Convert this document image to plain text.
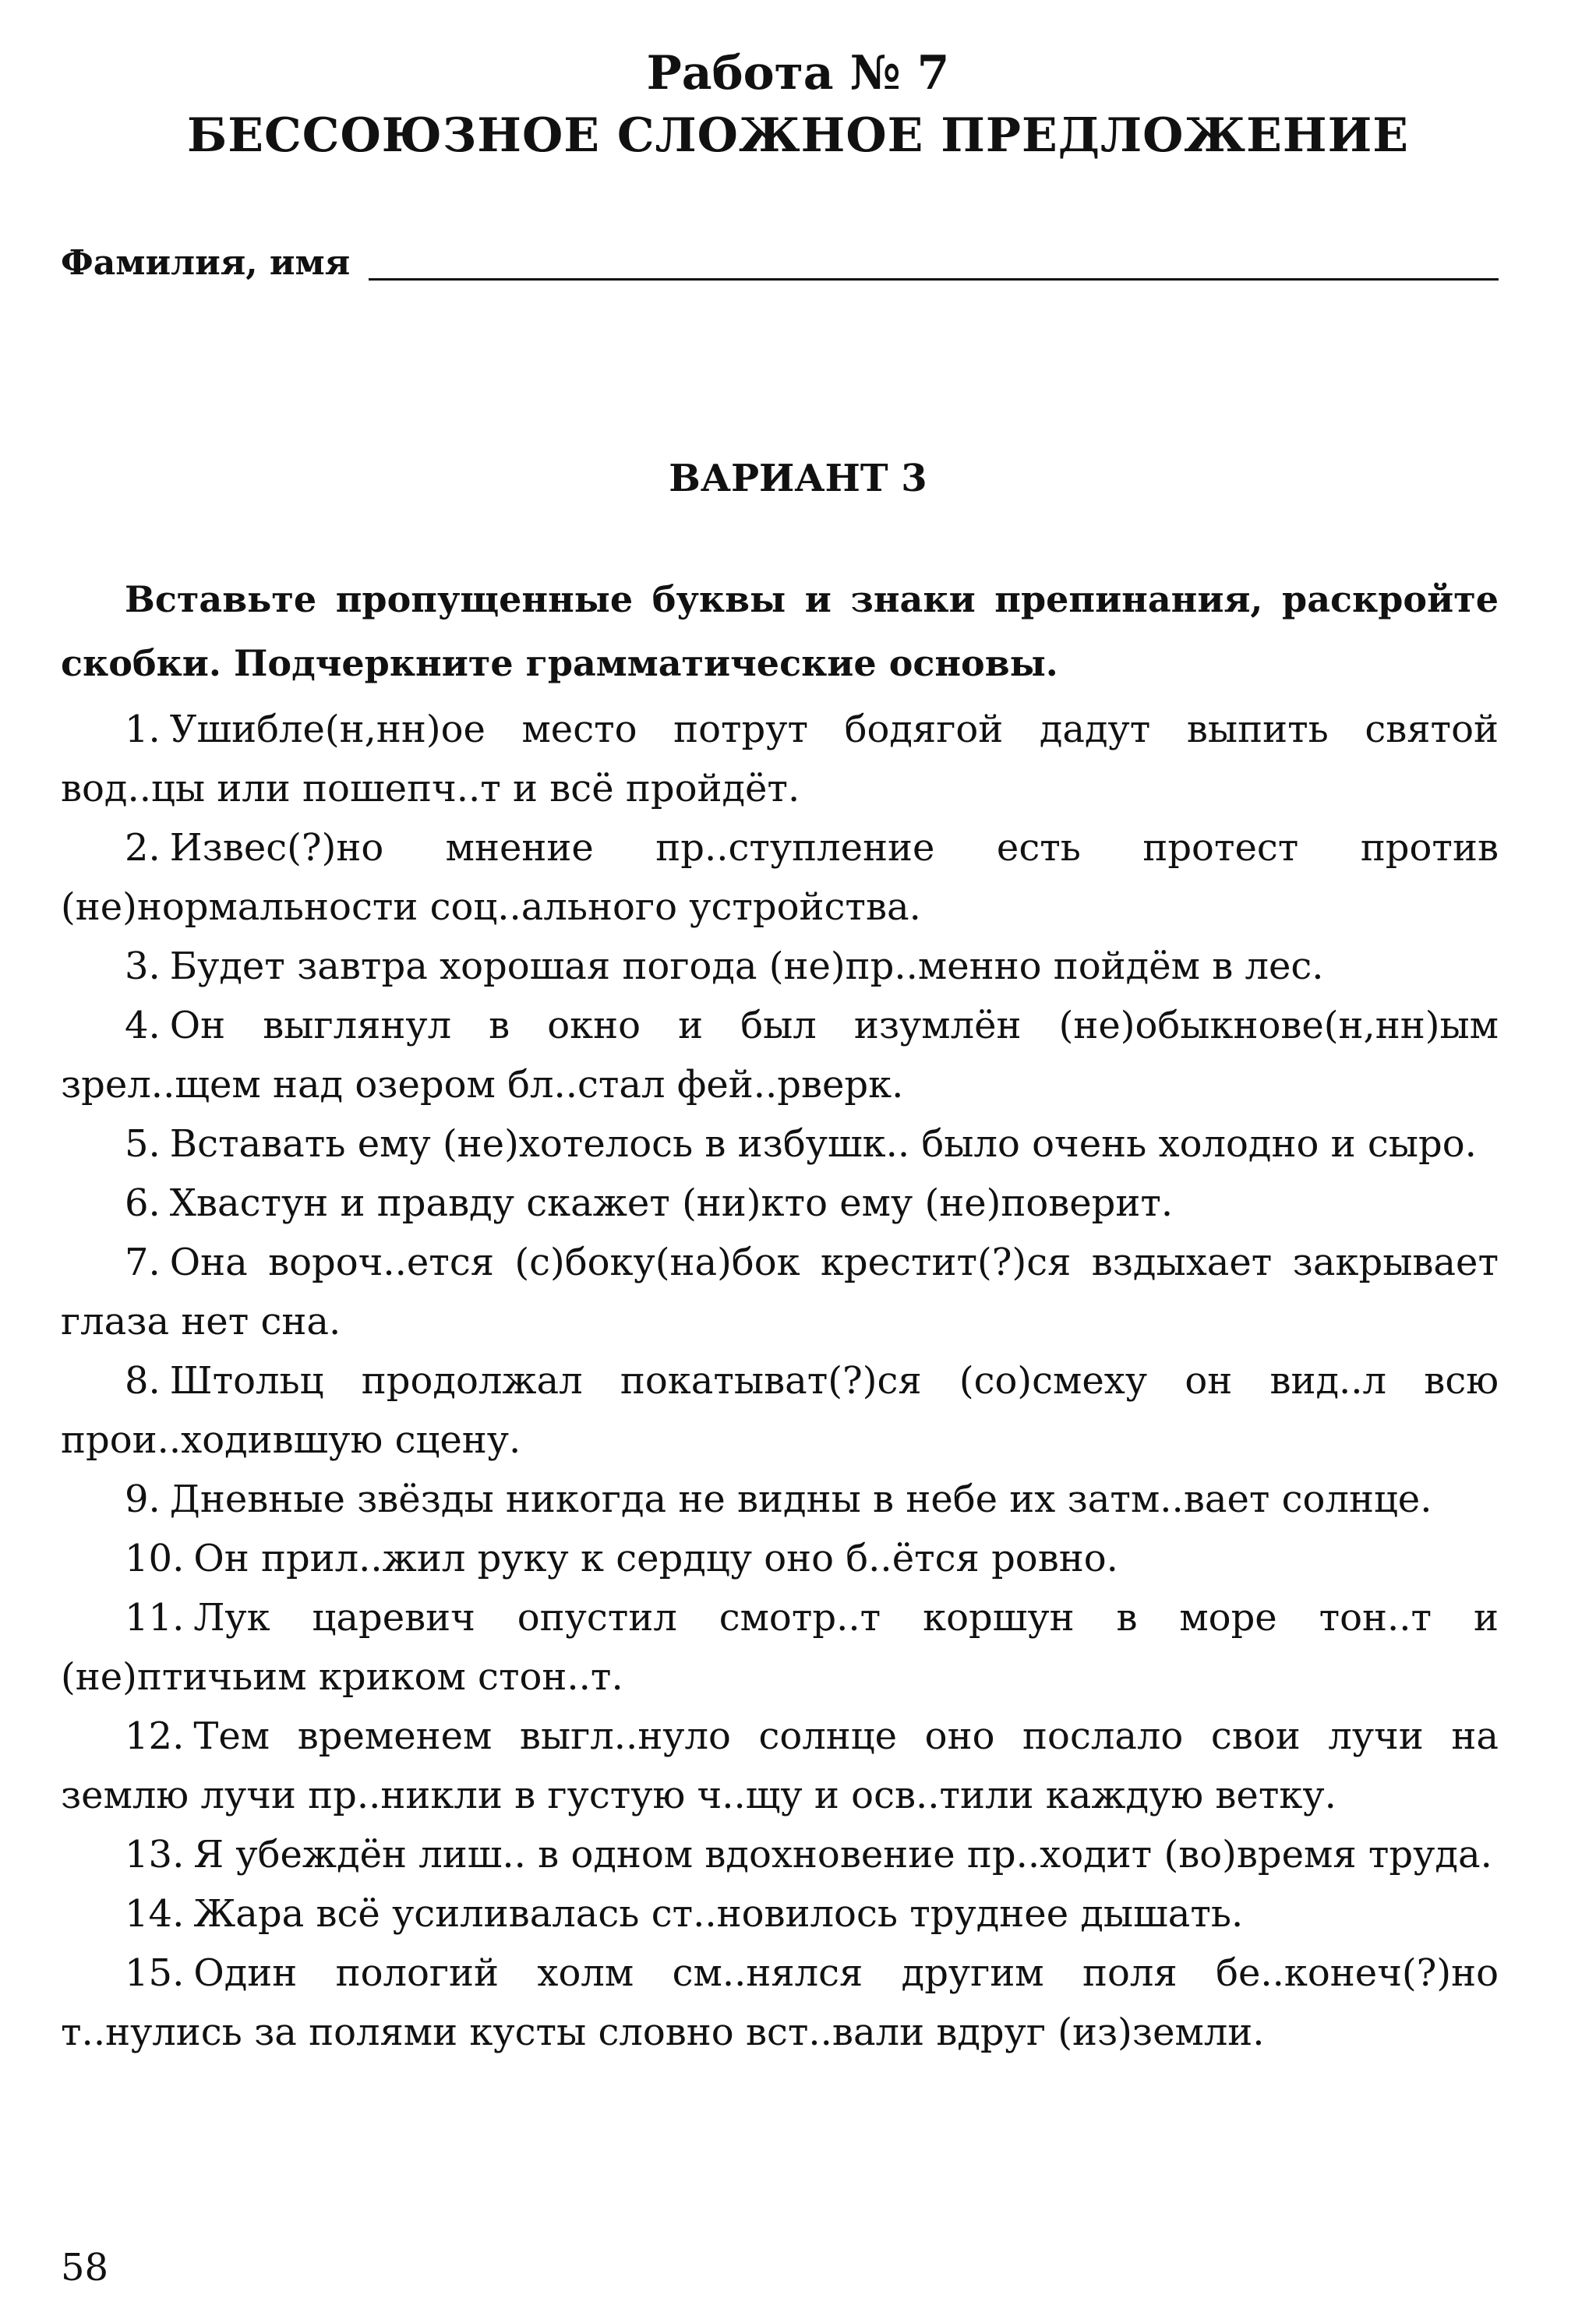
Работа № 7
БЕССОЮЗНОЕ СЛОЖНОЕ ПРЕДЛОЖЕНИЕ
Фамилия, имя
ВАРИАНТ 3

Вставьте пропущенные буквы и знаки препинания, раскройте скобки. Подчеркните грамматические основы.

1. Ушибле(н,нн)ое место потрут бодягой дадут выпить святой вод..цы или пошепч..т и всё пройдёт.
2. Извес(?)но мнение пр..ступление есть протест против (не)нормальности соц..ального устройства.
3. Будет завтра хорошая погода (не)пр..менно пойдём в лес.
4. Он выглянул в окно и был изумлён (не)обыкнове(н,нн)ым зрел..щем над озером бл..стал фей..рверк.
5. Вставать ему (не)хотелось в избушк.. было очень холодно и сыро.
6. Хвастун и правду скажет (ни)кто ему (не)поверит.
7. Она вороч..ется (с)боку(на)бок крестит(?)ся вздыхает закрывает глаза нет сна.
8. Штольц продолжал покатыват(?)ся (со)смеху он вид..л всю прои..ходившую сцену.
9. Дневные звёзды никогда не видны в небе их затм..вает солнце.
10. Он прил..жил руку к сердцу оно б..ётся ровно.
11. Лук царевич опустил смотр..т коршун в море тон..т и (не)птичьим криком стон..т.
12. Тем временем выгл..нуло солнце оно послало свои лучи на землю лучи пр..никли в густую ч..щу и осв..тили каждую ветку.
13. Я убеждён лиш.. в одном вдохновение пр..ходит (во)время труда.
14. Жара всё усиливалась ст..новилось труднее дышать.
15. Один пологий холм см..нялся другим поля бе..конеч(?)но т..нулись за полями кусты словно вст..вали вдруг (из)земли.

58
